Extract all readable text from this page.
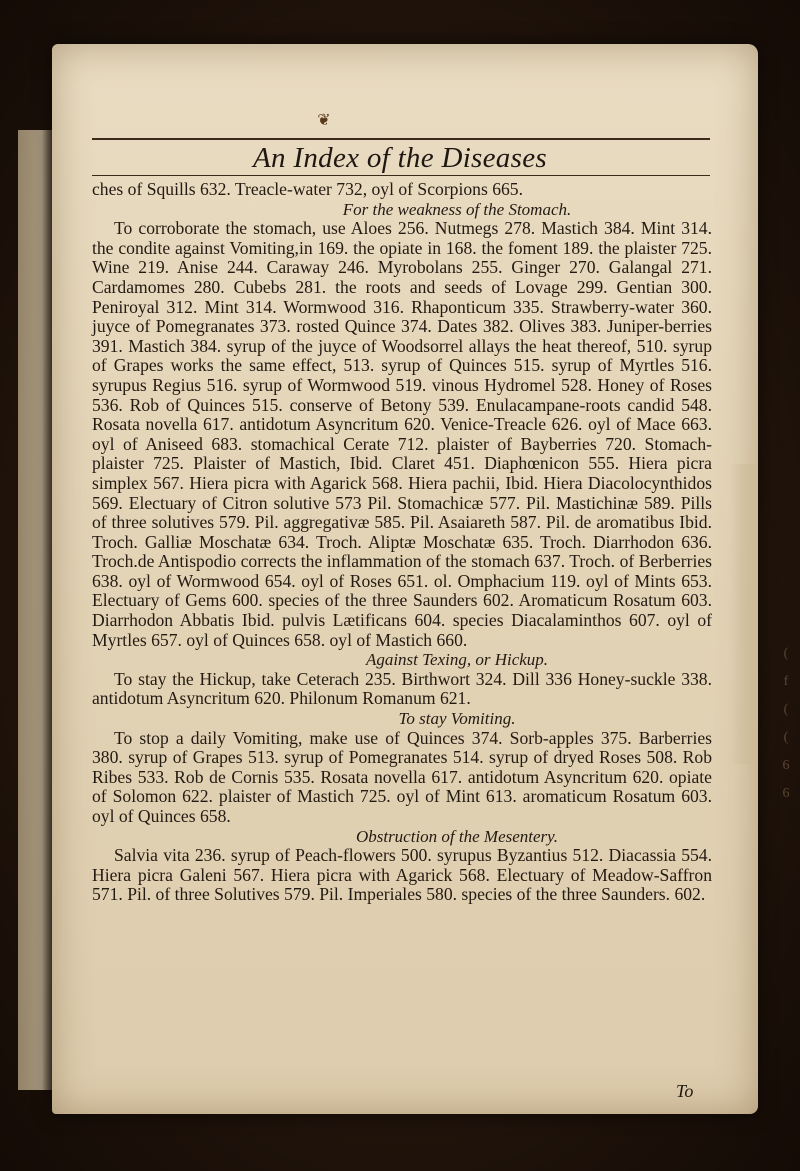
❦
An Index of the Diseases

ches of Squills 632. Treacle-water 732, oyl of Scorpions 665.

For the weakness of the Stomach.

To corroborate the stomach, use Aloes 256. Nutmegs 278. Mastich 384. Mint 314. the condite against Vomiting,in 169. the opiate in 168. the foment 189. the plaister 725. Wine 219. Anise 244. Caraway 246. Myrobolans 255. Ginger 270. Galangal 271. Cardamomes 280. Cubebs 281. the roots and seeds of Lovage 299. Gentian 300. Peniroyal 312. Mint 314. Wormwood 316. Rhaponticum 335. Strawberry-water 360. juyce of Pomegranates 373. rosted Quince 374. Dates 382. Olives 383. Juniper-berries 391. Mastich 384. syrup of the juyce of Woodsorrel allays the heat thereof, 510. syrup of Grapes works the same effect, 513. syrup of Quinces 515. syrup of Myrtles 516. syrupus Regius 516. syrup of Wormwood 519. vinous Hydromel 528. Honey of Roses 536. Rob of Quinces 515. conserve of Betony 539. Enulacampane-roots candid 548. Rosata novella 617. antidotum Asyncritum 620. Venice-Treacle 626. oyl of Mace 663. oyl of Aniseed 683. stomachical Cerate 712. plaister of Bayberries 720. Stomach-plaister 725. Plaister of Mastich, Ibid. Claret 451. Diaphœnicon 555. Hiera picra simplex 567. Hiera picra with Agarick 568. Hiera pachii, Ibid. Hiera Diacolocynthidos 569. Electuary of Citron solutive 573 Pil. Stomachicæ 577. Pil. Mastichinæ 589. Pills of three solutives 579. Pil. aggregativæ 585. Pil. Asaiareth 587. Pil. de aromatibus Ibid. Troch. Galliæ Moschatæ 634. Troch. Aliptæ Moschatæ 635. Troch. Diarrhodon 636. Troch.de Antispodio corrects the inflammation of the stomach 637. Troch. of Berberries 638. oyl of Wormwood 654. oyl of Roses 651. ol. Omphacium 119. oyl of Mints 653. Electuary of Gems 600. species of the three Saunders 602. Aromaticum Rosatum 603. Diarrhodon Abbatis Ibid. pulvis Lætificans 604. species Diacalaminthos 607. oyl of Myrtles 657. oyl of Quinces 658. oyl of Mastich 660.

Against Texing, or Hickup.

To stay the Hickup, take Ceterach 235. Birthwort 324. Dill 336 Honey-suckle 338. antidotum Asyncritum 620. Philonum Romanum 621.

To stay Vomiting.

To stop a daily Vomiting, make use of Quinces 374. Sorb-apples 375. Barberries 380. syrup of Grapes 513. syrup of Pomegranates 514. syrup of dryed Roses 508. Rob Ribes 533. Rob de Cornis 535. Rosata novella 617. antidotum Asyncritum 620. opiate of Solomon 622. plaister of Mastich 725. oyl of Mint 613. aromaticum Rosatum 603. oyl of Quinces 658.

Obstruction of the Mesentery.

Salvia vita 236. syrup of Peach-flowers 500. syrupus Byzantius 512. Diacassia 554. Hiera picra Galeni 567. Hiera picra with Agarick 568. Electuary of Meadow-Saffron 571. Pil. of three Solutives 579. Pil. Imperiales 580. species of the three Saunders. 602.

To
( f ( ( 6 6
